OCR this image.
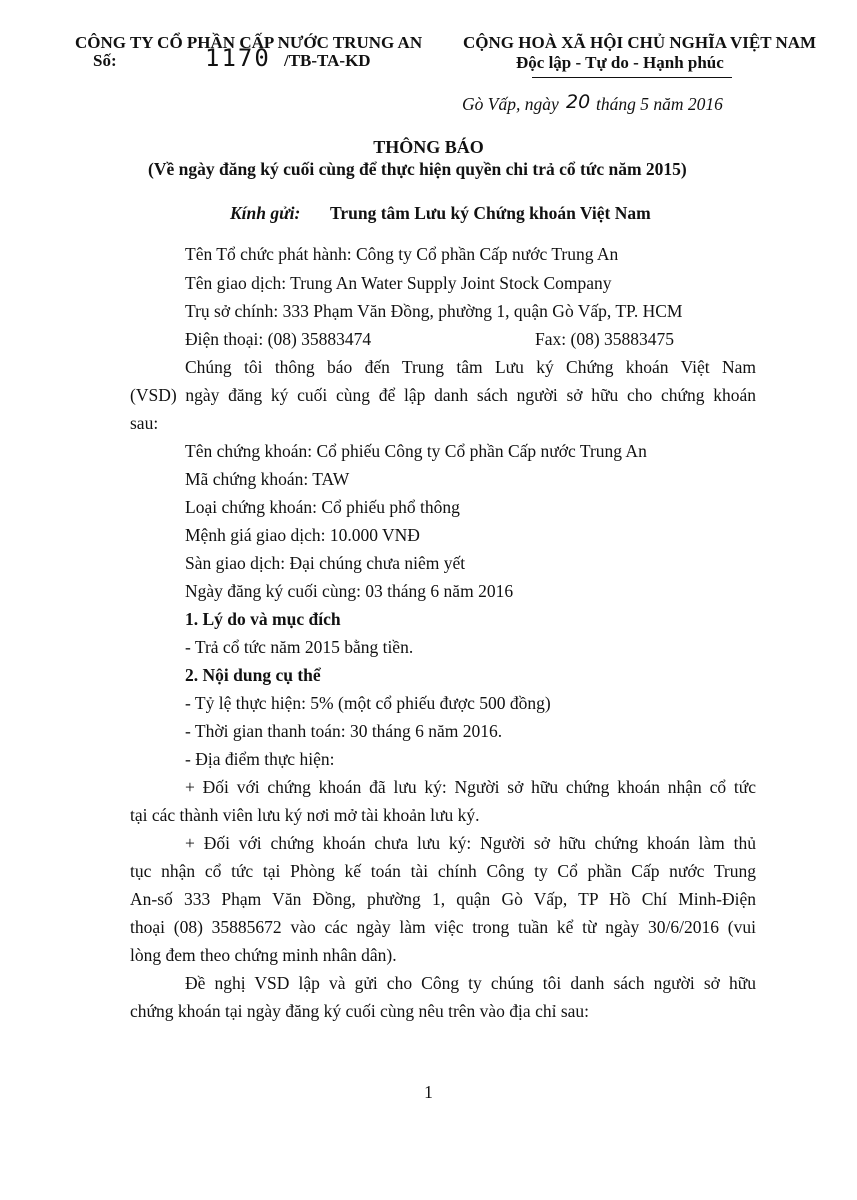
CÔNG TY CỔ PHẦN CẤP NƯỚC TRUNG AN
Số:	1170 /TB-TA-KD
CỘNG HOÀ XÃ HỘI CHỦ NGHĨA VIỆT NAM
Độc lập - Tự do - Hạnh phúc
Gò Vấp, ngày 20 tháng 5 năm 2016
THÔNG BÁO
(Về ngày đăng ký cuối cùng để thực hiện quyền chi trả cổ tức năm 2015)
Kính gửi: Trung tâm Lưu ký Chứng khoán Việt Nam
Tên Tổ chức phát hành: Công ty Cổ phần Cấp nước Trung An
Tên giao dịch: Trung An Water Supply Joint Stock Company
Trụ sở chính: 333 Phạm Văn Đồng, phường 1, quận Gò Vấp, TP. HCM
Điện thoại: (08) 35883474	Fax: (08) 35883475
Chúng tôi thông báo đến Trung tâm Lưu ký Chứng khoán Việt Nam
(VSD) ngày đăng ký cuối cùng để lập danh sách người sở hữu cho chứng khoán
sau:
Tên chứng khoán: Cổ phiếu Công ty Cổ phần Cấp nước Trung An
Mã chứng khoán: TAW
Loại chứng khoán: Cổ phiếu phổ thông
Mệnh giá giao dịch: 10.000 VNĐ
Sàn giao dịch: Đại chúng chưa niêm yết
Ngày đăng ký cuối cùng: 03 tháng 6 năm 2016
1. Lý do và mục đích
- Trả cổ tức năm 2015 bằng tiền.
2. Nội dung cụ thể
- Tỷ lệ thực hiện: 5% (một cổ phiếu được 500 đồng)
- Thời gian thanh toán: 30 tháng 6 năm 2016.
- Địa điểm thực hiện:
+ Đối với chứng khoán đã lưu ký: Người sở hữu chứng khoán nhận cổ tức
tại các thành viên lưu ký nơi mở tài khoản lưu ký.
+ Đối với chứng khoán chưa lưu ký: Người sở hữu chứng khoán làm thủ
tục nhận cổ tức tại Phòng kế toán tài chính Công ty Cổ phần Cấp nước Trung
An-số 333 Phạm Văn Đồng, phường 1, quận Gò Vấp, TP Hồ Chí Minh-Điện
thoại (08) 35885672 vào các ngày làm việc trong tuần kể từ ngày 30/6/2016 (vui
lòng đem theo chứng minh nhân dân).
Đề nghị VSD lập và gửi cho Công ty chúng tôi danh sách người sở hữu
chứng khoán tại ngày đăng ký cuối cùng nêu trên vào địa chỉ sau:
1
